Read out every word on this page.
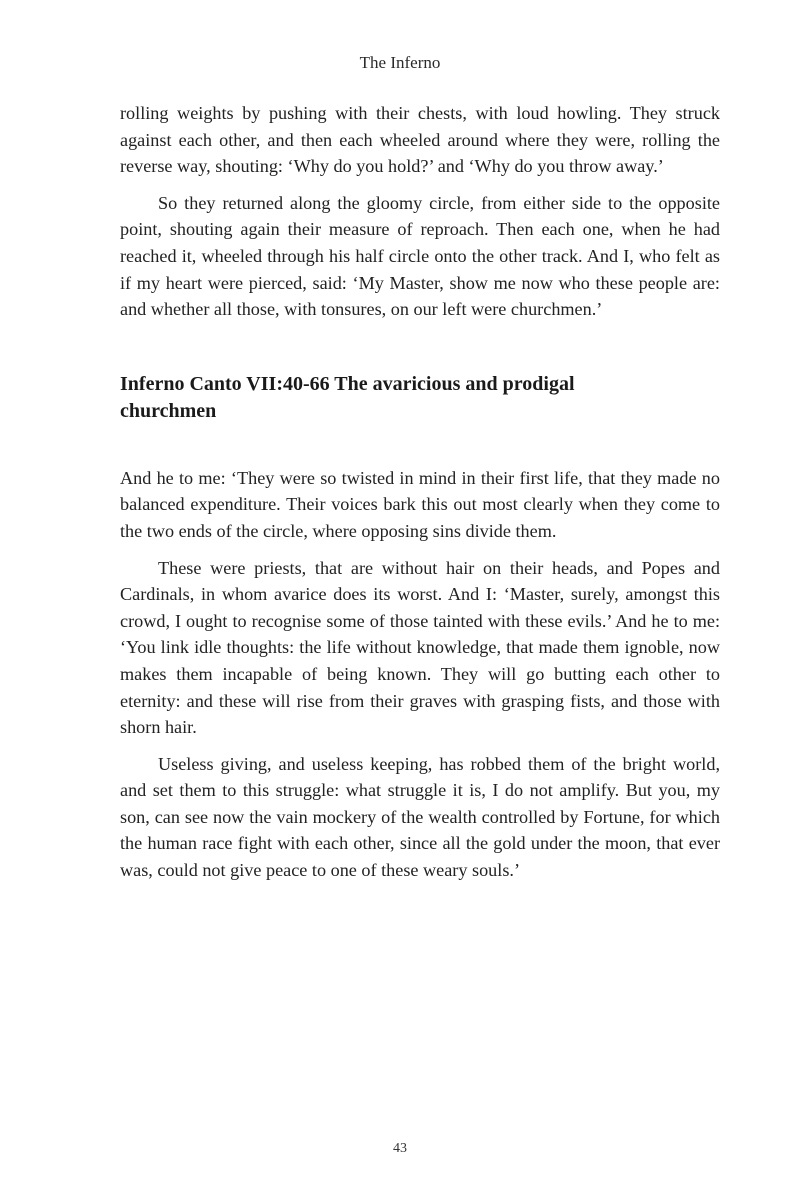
The Inferno

rolling weights by pushing with their chests, with loud howling. They struck against each other, and then each wheeled around where they were, rolling the reverse way, shouting: ‘Why do you hold?’ and ‘Why do you throw away.’

So they returned along the gloomy circle, from either side to the opposite point, shouting again their measure of reproach. Then each one, when he had reached it, wheeled through his half circle onto the other track. And I, who felt as if my heart were pierced, said: ‘My Master, show me now who these people are: and whether all those, with tonsures, on our left were churchmen.’

Inferno Canto VII:40-66 The avaricious and prodigal churchmen

And he to me: ‘They were so twisted in mind in their first life, that they made no balanced expenditure. Their voices bark this out most clearly when they come to the two ends of the circle, where opposing sins divide them.

These were priests, that are without hair on their heads, and Popes and Cardinals, in whom avarice does its worst. And I: ‘Master, surely, amongst this crowd, I ought to recognise some of those tainted with these evils.’ And he to me: ‘You link idle thoughts: the life without knowledge, that made them ignoble, now makes them incapable of being known. They will go butting each other to eternity: and these will rise from their graves with grasping fists, and those with shorn hair.

Useless giving, and useless keeping, has robbed them of the bright world, and set them to this struggle: what struggle it is, I do not amplify. But you, my son, can see now the vain mockery of the wealth controlled by Fortune, for which the human race fight with each other, since all the gold under the moon, that ever was, could not give peace to one of these weary souls.’

43
